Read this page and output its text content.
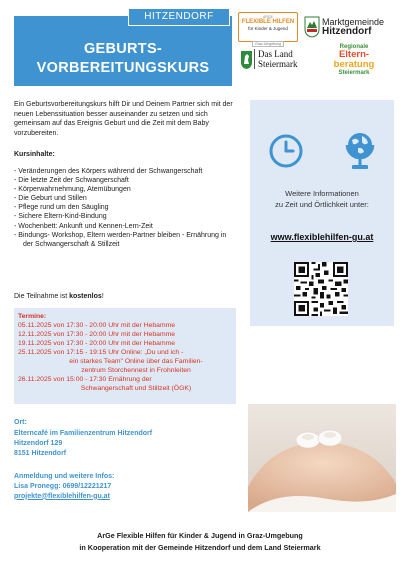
GEBURTS-
VORBEREITUNGSKURS
HITZENDORF	ARGE
FLEXIBLE HILFEN
für Kinder & Jugend
Graz-Umgebung
Marktgemeinde
Hitzendorf
Das Land
Steiermark
Regionale
Eltern-
beratung
Steiermark

Ein Geburtsvorbereitungskurs hilft Dir und Deinem Partner sich mit der neuen Lebenssituation besser auseinander zu setzen und sich gemeinsam auf das Ereignis Geburt und die Zeit mit dem Baby vorzubereiten.

Kursinhalte:
- Veränderungen des Körpers während der Schwangerschaft
- Die letzte Zeit der Schwangerschaft
- Körperwahrnehmung, Atemübungen
- Die Geburt und Stillen
- Pflege rund um den Säugling
- Sichere Eltern-Kind-Bindung
- Wochenbett: Ankunft und Kennen-Lern-Zeit
- Bindungs- Workshop, Eltern werden-Partner bleiben - Ernährung in der Schwangerschaft & Stillzeit
Die Teilnahme ist kostenlos!
Termine:
05.11.2025 von 17:30 - 20:00 Uhr mit der Hebamme
12.11.2025 von 17:30 - 20:00 Uhr mit der Hebamme
19.11.2025 von 17:30 - 20:00 Uhr mit der Hebamme
25.11.2025 von 17:15 - 19:15 Uhr Online: „Du und ich -
ein starkes Team" Online über das Familien-
zentrum Storchennest in Frohnleiten
26.11.2025 von 15:00 - 17:30 Ernährung der
Schwangerschaft und Stillzeit (ÖGK)
Weitere Informationen
zu Zeit und Örtlichkeit unter:
www.flexiblehilfen-gu.at
Ort:
Elterncafé im Familienzentrum Hitzendorf
Hitzendorf 129
8151 Hitzendorf
Anmeldung und weitere Infos:
Lisa Pronegg: 0699/12221217
projekte@flexiblehilfen-gu.at
ArGe Flexible Hilfen für Kinder & Jugend in Graz-Umgebung
in Kooperation mit der Gemeinde Hitzendorf und dem Land Steiermark
